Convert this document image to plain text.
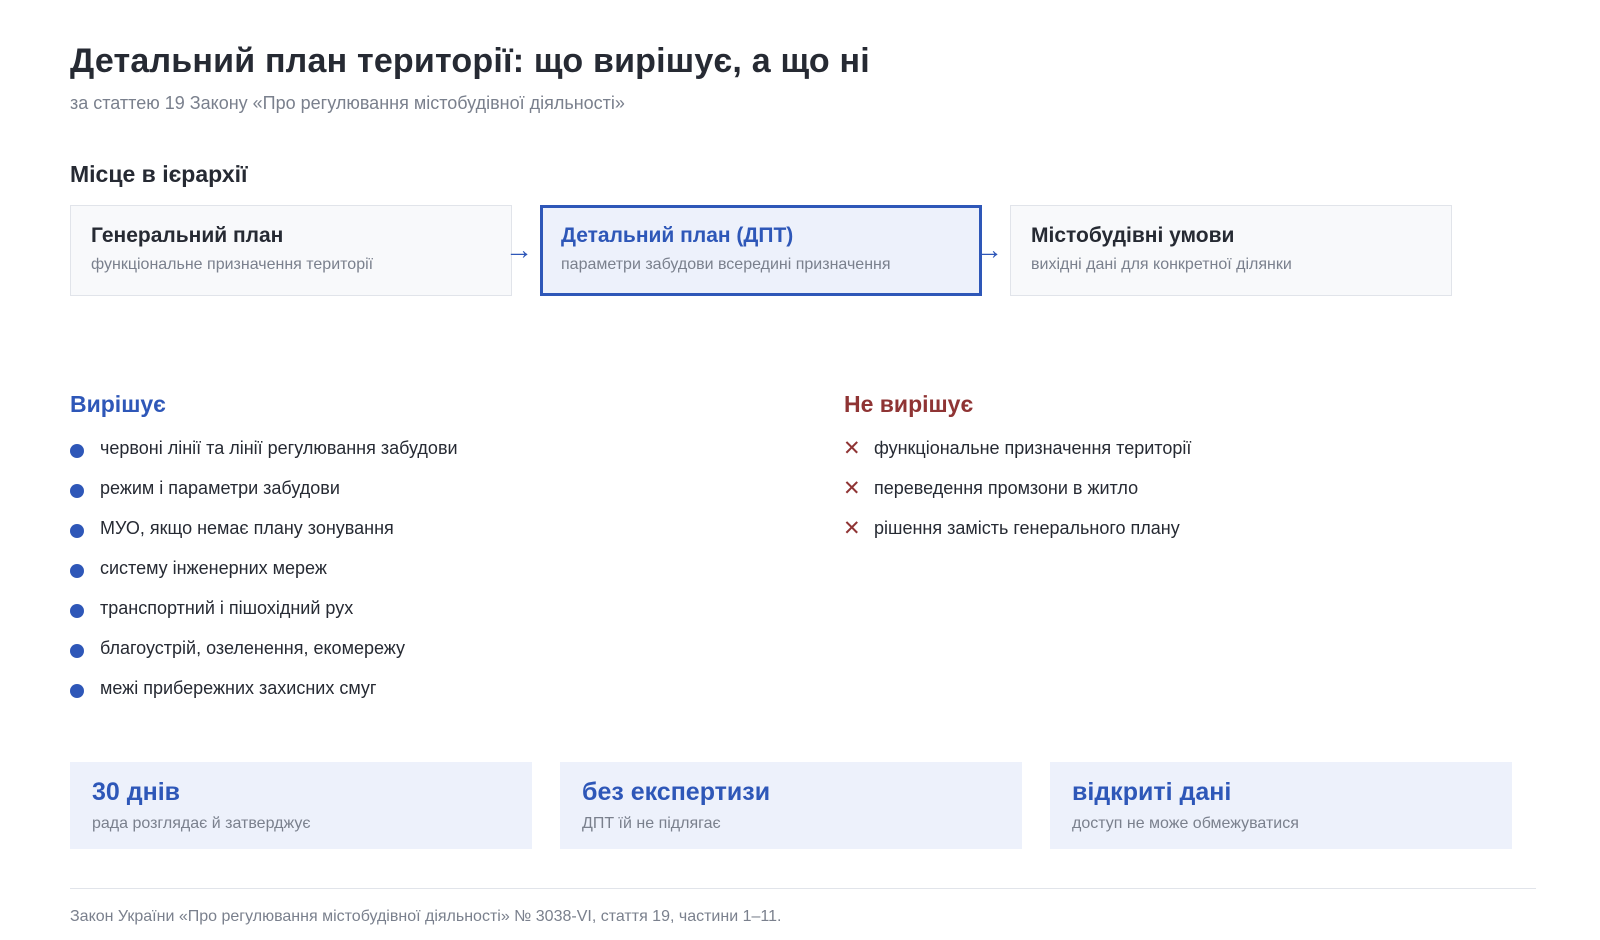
Детальний план території: що вирішує, а що ні
за статтею 19 Закону «Про регулювання містобудівної діяльності»
Місце в ієрархії
Генеральний план
функціональне призначення території	→ Детальний план (ДПТ)
параметри забудови всередині призначення	→ Містобудівні умови
вихідні дані для конкретної ділянки
Вирішує
червоні лінії та лінії регулювання забудови
режим і параметри забудови
МУО, якщо немає плану зонування
систему інженерних мереж
транспортний і пішохідний рух
благоустрій, озеленення, екомережу
межі прибережних захисних смуг
Не вирішує
✕ функціональне призначення території
✕ переведення промзони в житло
✕ рішення замість генерального плану
30 днів
рада розглядає й затверджує
без експертизи
ДПТ їй не підлягає
відкриті дані
доступ не може обмежуватися
Закон України «Про регулювання містобудівної діяльності» № 3038-VI, стаття 19, частини 1–11.
